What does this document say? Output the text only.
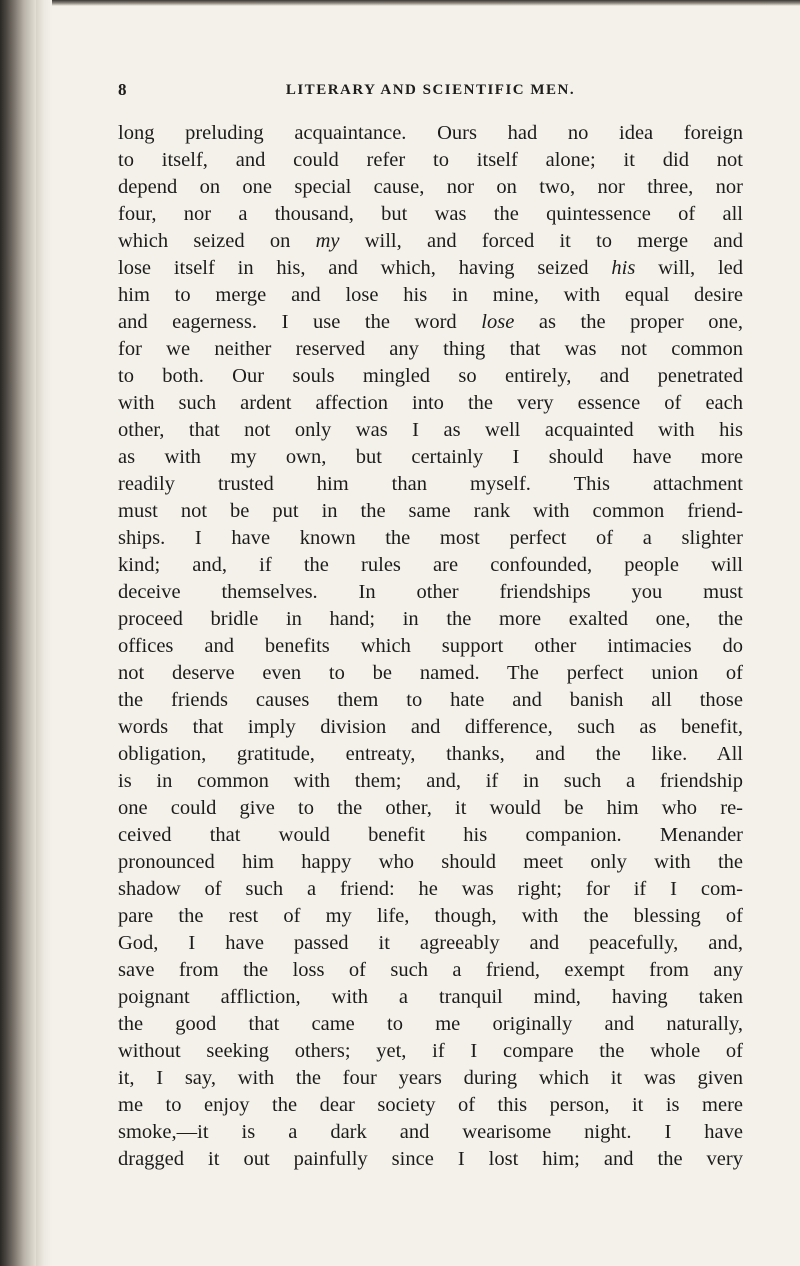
8	LITERARY AND SCIENTIFIC MEN.
long preluding acquaintance. Ours had no idea foreign
to itself, and could refer to itself alone; it did not
depend on one special cause, nor on two, nor three, nor
four, nor a thousand, but was the quintessence of all
which seized on my will, and forced it to merge and
lose itself in his, and which, having seized his will, led
him to merge and lose his in mine, with equal desire
and eagerness. I use the word lose as the proper one,
for we neither reserved any thing that was not common
to both. Our souls mingled so entirely, and penetrated
with such ardent affection into the very essence of each
other, that not only was I as well acquainted with his
as with my own, but certainly I should have more
readily trusted him than myself. This attachment
must not be put in the same rank with common friend-
ships. I have known the most perfect of a slighter
kind; and, if the rules are confounded, people will
deceive themselves. In other friendships you must
proceed bridle in hand; in the more exalted one, the
offices and benefits which support other intimacies do
not deserve even to be named. The perfect union of
the friends causes them to hate and banish all those
words that imply division and difference, such as benefit,
obligation, gratitude, entreaty, thanks, and the like. All
is in common with them; and, if in such a friendship
one could give to the other, it would be him who re-
ceived that would benefit his companion. Menander
pronounced him happy who should meet only with the
shadow of such a friend: he was right; for if I com-
pare the rest of my life, though, with the blessing of
God, I have passed it agreeably and peacefully, and,
save from the loss of such a friend, exempt from any
poignant affliction, with a tranquil mind, having taken
the good that came to me originally and naturally,
without seeking others; yet, if I compare the whole of
it, I say, with the four years during which it was given
me to enjoy the dear society of this person, it is mere
smoke,—it is a dark and wearisome night. I have
dragged it out painfully since I lost him; and the very
